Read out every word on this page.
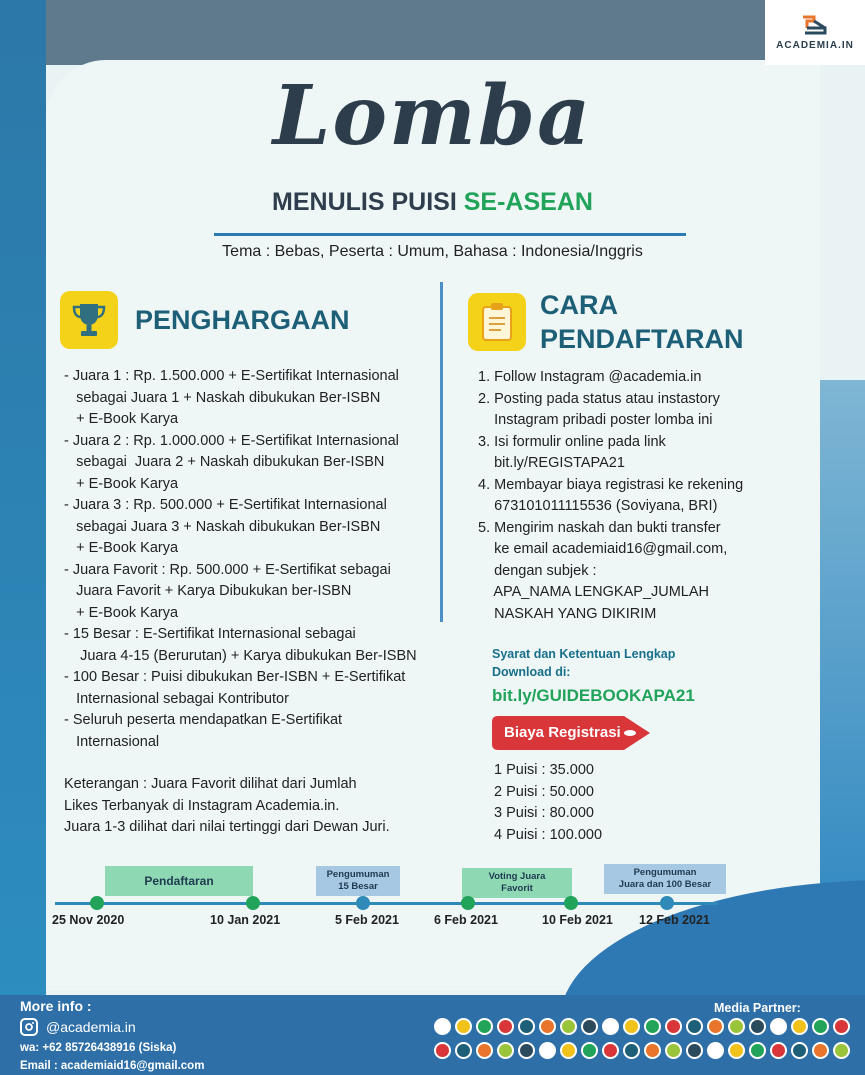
ACADEMIA.IN
Lomba
MENULIS PUISI SE-ASEAN
Tema : Bebas, Peserta : Umum, Bahasa : Indonesia/Inggris
PENGHARGAAN

- Juara 1 : Rp. 1.500.000 + E-Sertifikat Internasional

sebagai Juara 1 + Naskah dibukukan Ber-ISBN

+ E-Book Karya

- Juara 2 : Rp. 1.000.000 + E-Sertifikat Internasional

sebagai  Juara 2 + Naskah dibukukan Ber-ISBN

+ E-Book Karya

- Juara 3 : Rp. 500.000 + E-Sertifikat Internasional

sebagai Juara 3 + Naskah dibukukan Ber-ISBN

+ E-Book Karya

- Juara Favorit : Rp. 500.000 + E-Sertifikat sebagai

Juara Favorit + Karya Dibukukan ber-ISBN

+ E-Book Karya

- 15 Besar : E-Sertifikat Internasional sebagai

Juara 4-15 (Berurutan) + Karya dibukukan Ber-ISBN

- 100 Besar : Puisi dibukukan Ber-ISBN + E-Sertifikat

Internasional sebagai Kontributor

- Seluruh peserta mendapatkan E-Sertifikat

Internasional

Keterangan : Juara Favorit dilihat dari Jumlah

Likes Terbanyak di Instagram Academia.in.

Juara 1-3 dilihat dari nilai tertinggi dari Dewan Juri.

CARA
PENDAFTARAN

1. Follow Instagram @academia.in

2. Posting pada status atau instastory

Instagram pribadi poster lomba ini

3. Isi formulir online pada link

bit.ly/REGISTAPA21

4. Membayar biaya registrasi ke rekening

673101011115536 (Soviyana, BRI)

5. Mengirim naskah dan bukti transfer

ke email academiaid16@gmail.com,

dengan subjek :

APA_NAMA LENGKAP_JUMLAH

NASKAH YANG DIKIRIM

Syarat dan Ketentuan Lengkap
Download di:
bit.ly/GUIDEBOOKAPA21
Biaya Registrasi

1 Puisi : 35.000

2 Puisi : 50.000

3 Puisi : 80.000

4 Puisi : 100.000

Pendaftaran	Pengumuman
15 Besar
Voting Juara
Favorit
Pengumuman
Juara dan 100 Besar
25 Nov 2020	10 Jan 2021	5 Feb 2021	6 Feb 2021	10 Feb 2021 12 Feb 2021
More info :
@academia.in
wa: +62 85726438916 (Siska)
Email : academiaid16@gmail.com
Media Partner:
